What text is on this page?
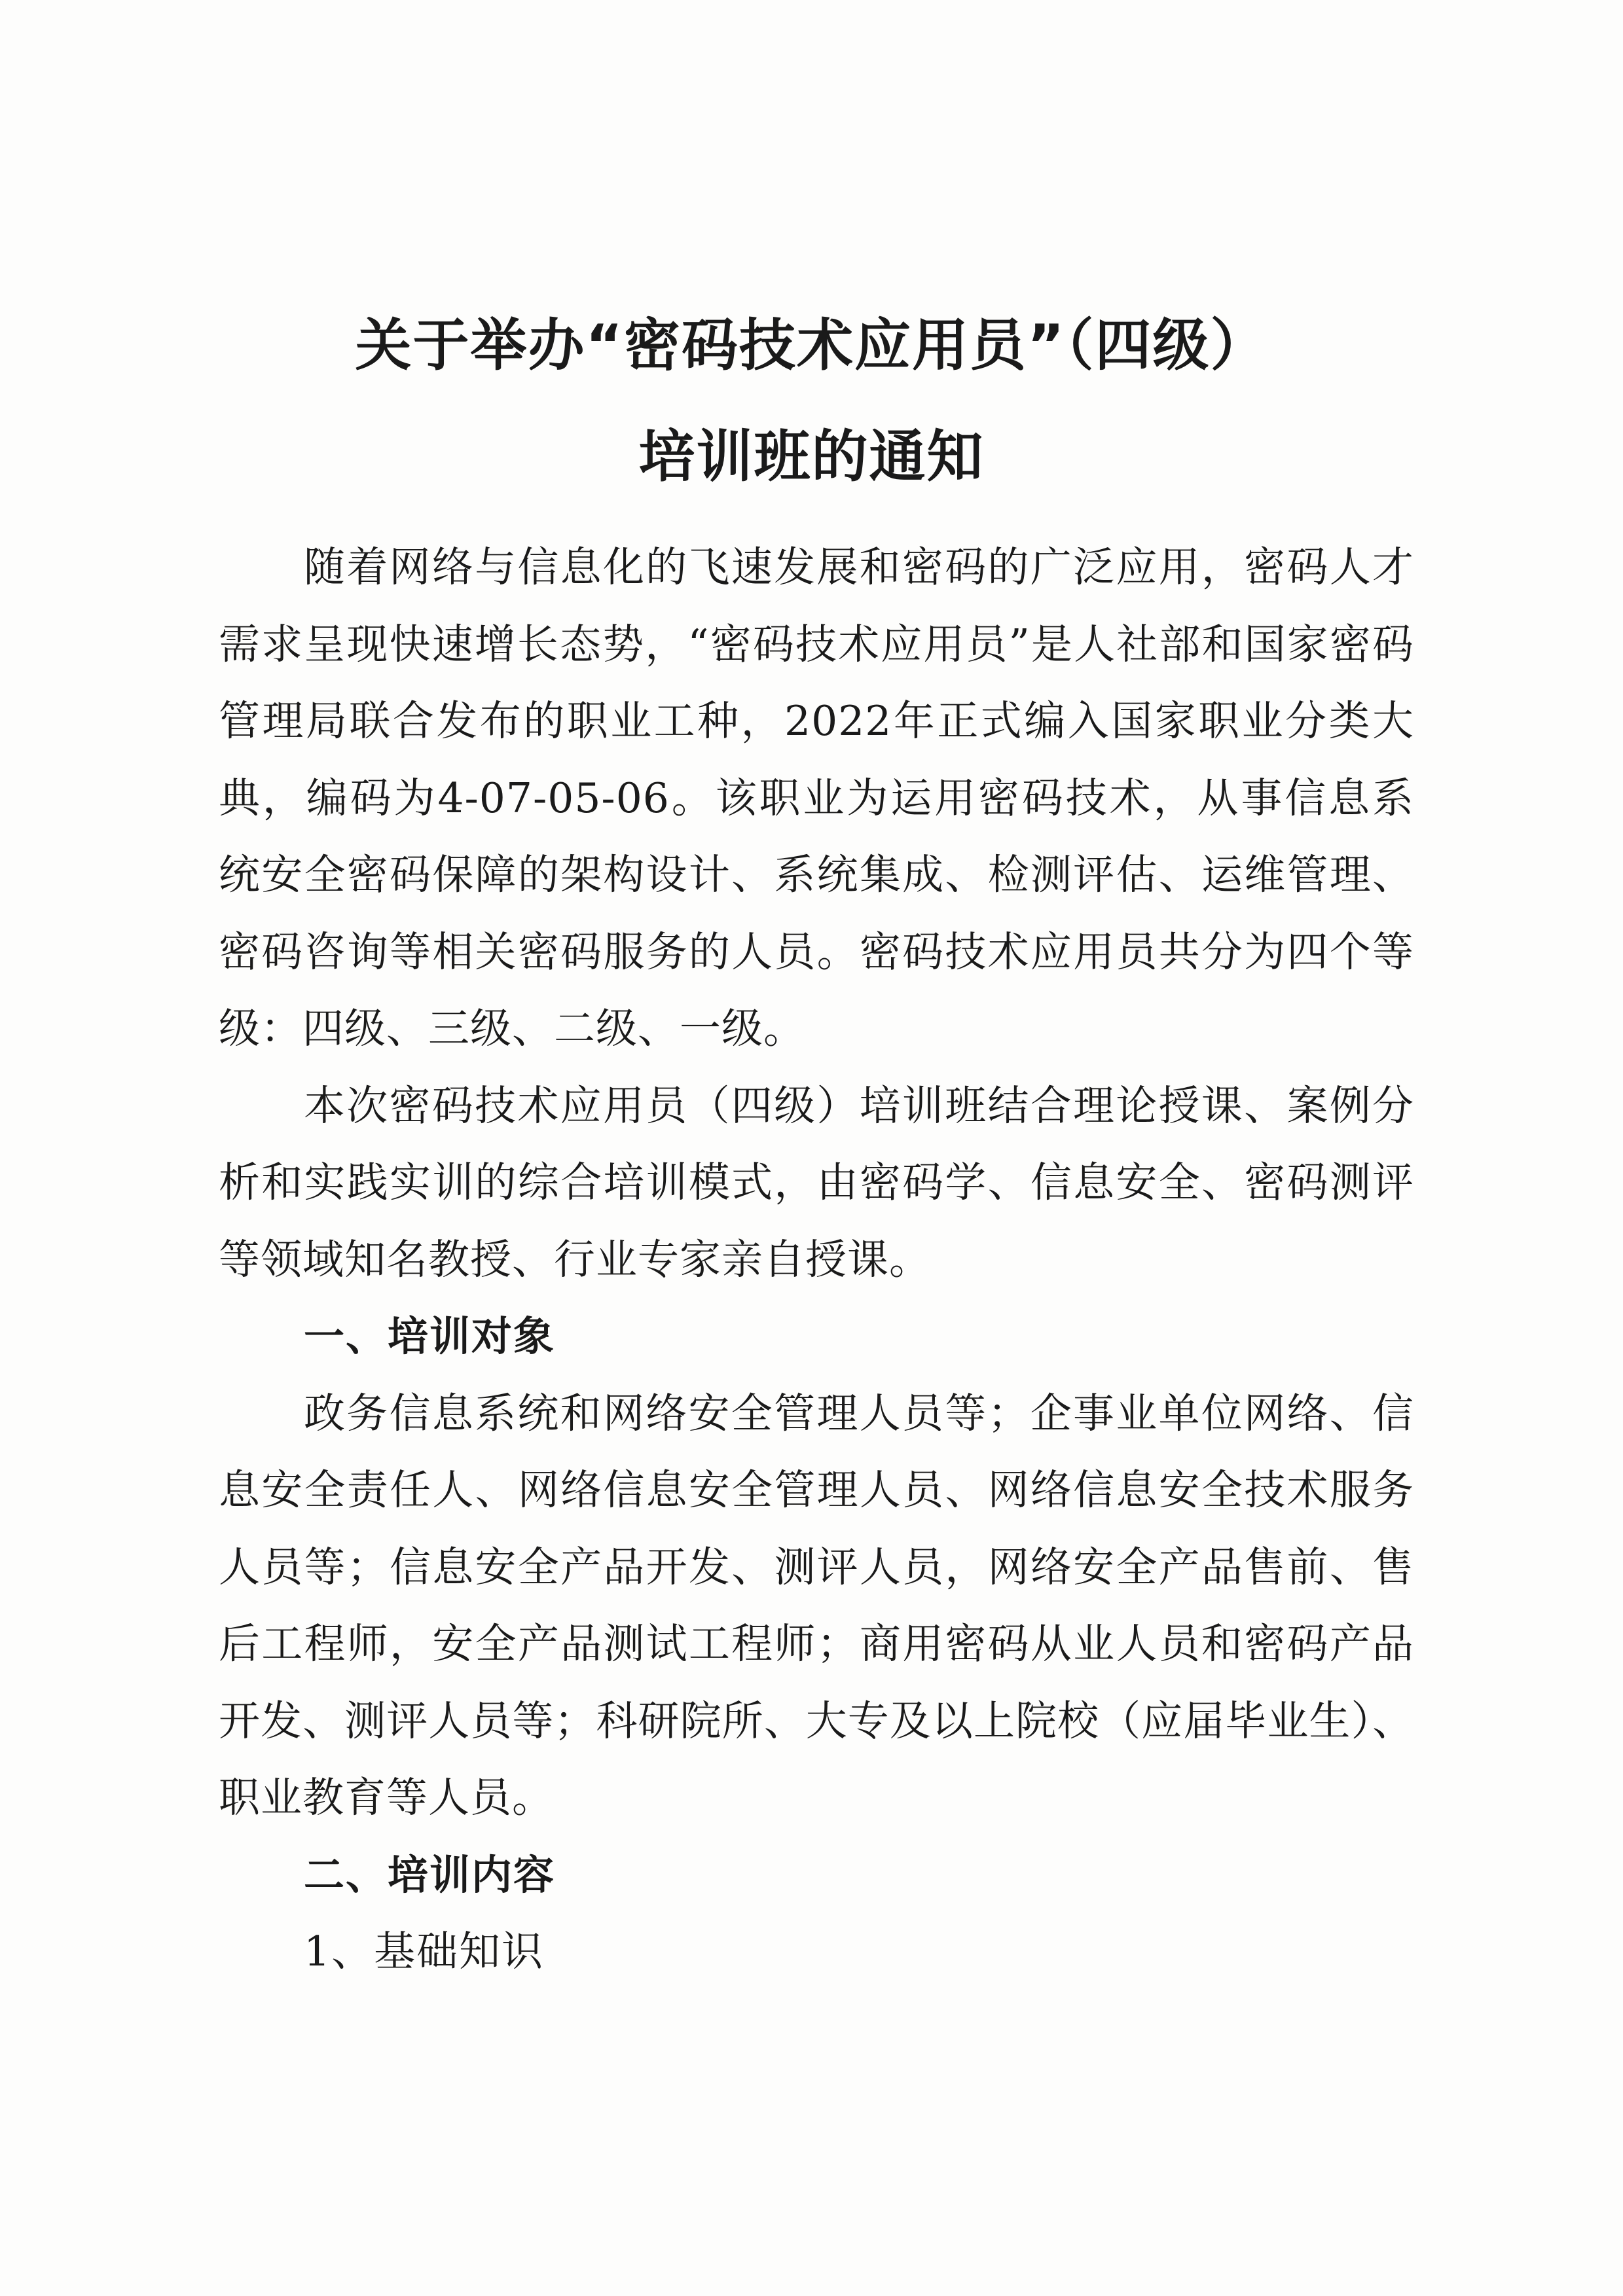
关于举办“密码技术应用员”（四级）
培训班的通知

随着网络与信息化的飞速发展和密码的广泛应用，密码人才需求呈现快速增长态势，“密码技术应用员”是人社部和国家密码管理局联合发布的职业工种，2022年正式编入国家职业分类大典，编码为4-07-05-06。该职业为运用密码技术，从事信息系统安全密码保障的架构设计、系统集成、检测评估、运维管理、密码咨询等相关密码服务的人员。密码技术应用员共分为四个等级：四级、三级、二级、一级。

本次密码技术应用员（四级）培训班结合理论授课、案例分析和实践实训的综合培训模式，由密码学、信息安全、密码测评等领域知名教授、行业专家亲自授课。

一、培训对象

政务信息系统和网络安全管理人员等；企事业单位网络、信息安全责任人、网络信息安全管理人员、网络信息安全技术服务人员等；信息安全产品开发、测评人员，网络安全产品售前、售后工程师，安全产品测试工程师；商用密码从业人员和密码产品开发、测评人员等；科研院所、大专及以上院校（应届毕业生）、职业教育等人员。

二、培训内容

1、基础知识
